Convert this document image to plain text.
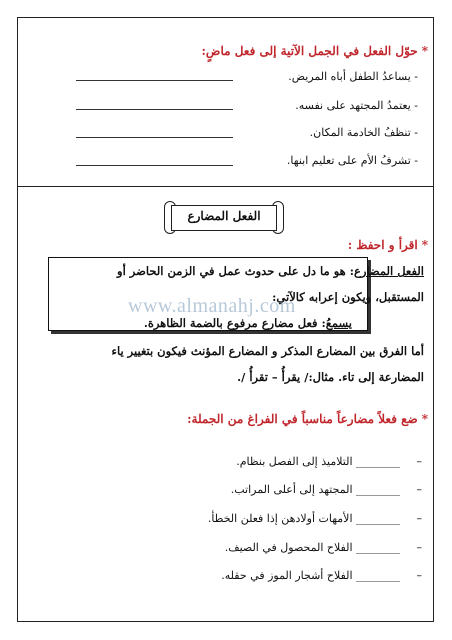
*حوّل الفعل في الجمل الآتية إلى فعل ماضٍ:
- يساعدُ الطفل أباه المريض.
- يعتمدُ المجتهد على نفسه.
- تنظفُ الخادمة المكان.
- تشرفُ الأم على تعليم ابنها.
الفعل المضارع
*اقرأ و احفظ :
الفعل المضارع: هو ما دل على حدوث عمل في الزمن الحاضر أو
المستقبل، ويكون إعرابه كالآتي:
www.almanahj.com
يسمعُ: فعل مضارع مرفوع بالضمة الظاهرة.
أما الفرق بين المضارع المذكر و المضارع المؤنث فيكون بتغيير ياء
المضارعة إلى تاء. مثال:/ يقرأُ – تقرأُ /.
*ضع فعلاً مضارعاً مناسباً في الفراغ من الجملة:
–
________ التلاميذ إلى الفصل بنظام.
–
________ المجتهد إلى أعلى المراتب.
–
________ الأمهات أولادهن إذا فعلن الخطأ.
–
________ الفلاح المحصول في الصيف.
–
________ الفلاح أشجار الموز في حقله.
